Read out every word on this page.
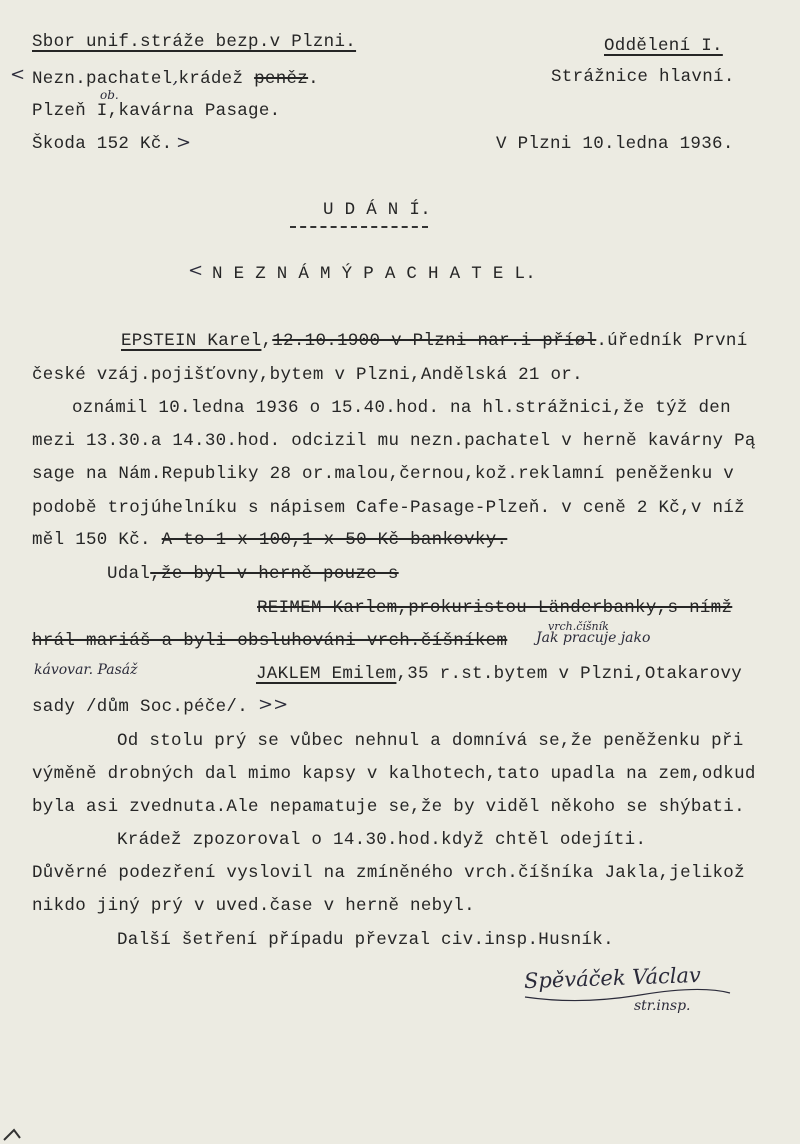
Sbor unif.stráže bezp.v Plzni.
Nezn.pachatel,krádež peněz.
Plzeň I,kavárna Pasage.
Škoda 152 Kč.
Oddělení I.
Strážnice hlavní.
V Plzni 10.ledna 1936.
U D Á N Í.
N E Z N Á M Ý P A C H A T E L.
EPSTEIN Karel,12.10.1900 v Plzni nar.i příøl.úředník První
české vzáj.pojišťovny,bytem v Plzni,Andělská 21 or.
oznámil 10.ledna 1936 o 15.40.hod. na hl.strážnici,že týž den
mezi 13.30.a 14.30.hod. odcizil mu nezn.pachatel v herně kavárny Pą
sage na Nám.Republiky 28 or.malou,černou,kož.reklamní peněženku v
podobě trojúhelníku s nápisem Cafe-Pasage-Plzeň. v ceně 2 Kč,v níž
měl 150 Kč. A to 1 x 100,1 x 50 Kč bankovky.
Udal,že byl v herně pouze s
REIMEM Karlem,prokuristou Länderbanky,s nímž
hrál mariáš a byli obsluhováni vrch.číšníkem
JAKLEM Emilem,35 r.st.bytem v Plzni,Otakarovy
sady /dům Soc.péče/.
Od stolu prý se vůbec nehnul a domnívá se,že peněženku při
výměně drobných dal mimo kapsy v kalhotech,tato upadla na zem,odkud
byla asi zvednuta.Ale nepamatuje se,že by viděl někoho se shýbati.
Krádež zpozoroval o 14.30.hod.když chtěl odejíti.
Důvěrné podezření vyslovil na zmíněného vrch.číšníka Jakla,jelikož
nikdo jiný prý v uved.čase v herně nebyl.
Další šetření případu převzal civ.insp.Husník.
ob.
<
<
>
vrch.číšník
Jak pracuje jako
kávovar. Pasáž
>>
Spěváček Václav
str.insp.
